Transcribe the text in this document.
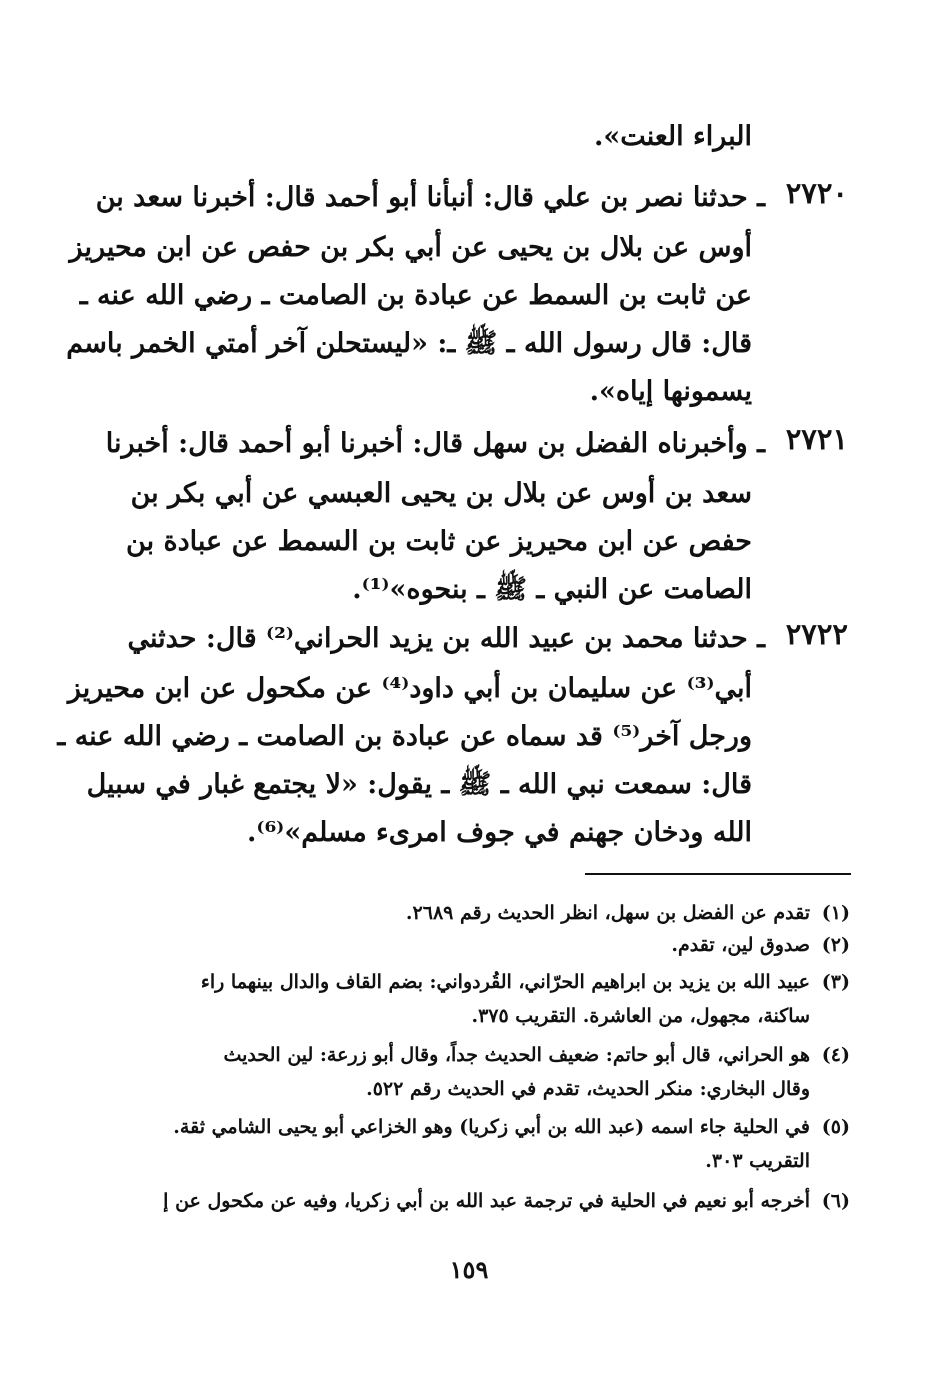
البراء العنت».
٢٧٢٠
ـ حدثنا نصر بن علي قال: أنبأنا أبو أحمد قال: أخبرنا سعد بن
أوس عن بلال بن يحيى عن أبي بكر بن حفص عن ابن محيريز
عن ثابت بن السمط عن عبادة بن الصامت ـ رضي الله عنه ـ
قال: قال رسول الله ـ ﷺ ـ: «ليستحلن آخر أمتي الخمر باسم
يسمونها إياه».
٢٧٢١
ـ وأخبرناه الفضل بن سهل قال: أخبرنا أبو أحمد قال: أخبرنا
سعد بن أوس عن بلال بن يحيى العبسي عن أبي بكر بن
حفص عن ابن محيريز عن ثابت بن السمط عن عبادة بن
الصامت عن النبي ـ ﷺ ـ بنحوه»⁽¹⁾.
٢٧٢٢
ـ حدثنا محمد بن عبيد الله بن يزيد الحراني⁽²⁾ قال: حدثني
أبي⁽³⁾ عن سليمان بن أبي داود⁽⁴⁾ عن مكحول عن ابن محيريز
ورجل آخر⁽⁵⁾ قد سماه عن عبادة بن الصامت ـ رضي الله عنه ـ
قال: سمعت نبي الله ـ ﷺ ـ يقول: «لا يجتمع غبار في سبيل
الله ودخان جهنم في جوف امرىء مسلم»⁽⁶⁾.
(١)
تقدم عن الفضل بن سهل، انظر الحديث رقم ٢٦٨٩.
(٢)
صدوق لين، تقدم.
(٣)
عبيد الله بن يزيد بن ابراهيم الحرّاني، القُردواني: بضم القاف والدال بينهما راء
ساكنة، مجهول، من العاشرة. التقريب ٣٧٥.
(٤)
هو الحراني، قال أبو حاتم: ضعيف الحديث جداً، وقال أبو زرعة: لين الحديث
وقال البخاري: منكر الحديث، تقدم في الحديث رقم ٥٢٢.
(٥)
في الحلية جاء اسمه (عبد الله بن أبي زكريا) وهو الخزاعي أبو يحيى الشامي ثقة.
التقريب ٣٠٣.
(٦)
أخرجه أبو نعيم في الحلية في ترجمة عبد الله بن أبي زكريا، وفيه عن مكحول عن إ
١٥٩
